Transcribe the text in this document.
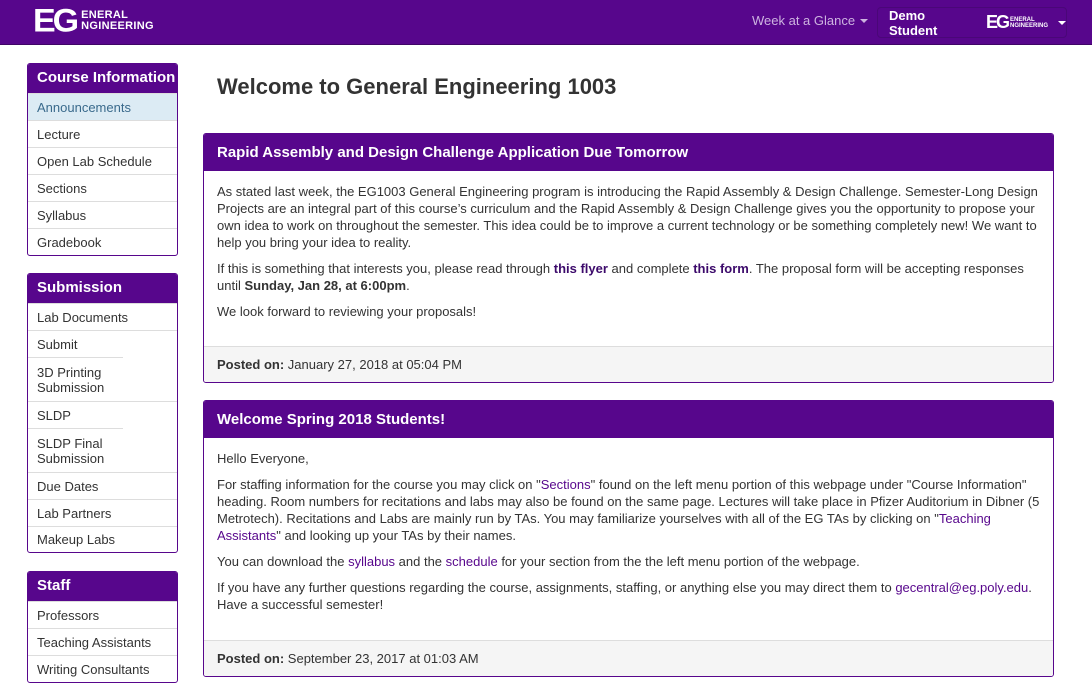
EG ENERAL
NGINEERING	Week at a Glance	Demo Student	EG ENERAL
NGINEERING
Course Information
Announcements
Lecture
Open Lab Schedule
Sections
Syllabus
Gradebook
Submission
Lab Documents
Submit
3D Printing Submission
SLDP
SLDP Final Submission
Due Dates
Lab Partners
Makeup Labs
Staff
Professors
Teaching Assistants
Writing Consultants
Welcome to General Engineering 1003
Rapid Assembly and Design Challenge Application Due Tomorrow

As stated last week, the EG1003 General Engineering program is introducing the Rapid Assembly & Design Challenge. Semester-Long Design Projects are an integral part of this course’s curriculum and the Rapid Assembly & Design Challenge gives you the opportunity to propose your own idea to work on throughout the semester. This idea could be to improve a current technology or be something completely new! We want to help you bring your idea to reality.

If this is something that interests you, please read through this flyer and complete this form. The proposal form will be accepting responses until Sunday, Jan 28, at 6:00pm.

We look forward to reviewing your proposals!

Posted on: January 27, 2018 at 05:04 PM
Welcome Spring 2018 Students!

Hello Everyone,

For staffing information for the course you may click on "Sections" found on the left menu portion of this webpage under "Course Information" heading. Room numbers for recitations and labs may also be found on the same page. Lectures will take place in Pfizer Auditorium in Dibner (5 Metrotech). Recitations and Labs are mainly run by TAs. You may familiarize yourselves with all of the EG TAs by clicking on "Teaching Assistants" and looking up your TAs by their names.

You can download the syllabus and the schedule for your section from the the left menu portion of the webpage.

If you have any further questions regarding the course, assignments, staffing, or anything else you may direct them to gecentral@eg.poly.edu. Have a successful semester!

Posted on: September 23, 2017 at 01:03 AM
